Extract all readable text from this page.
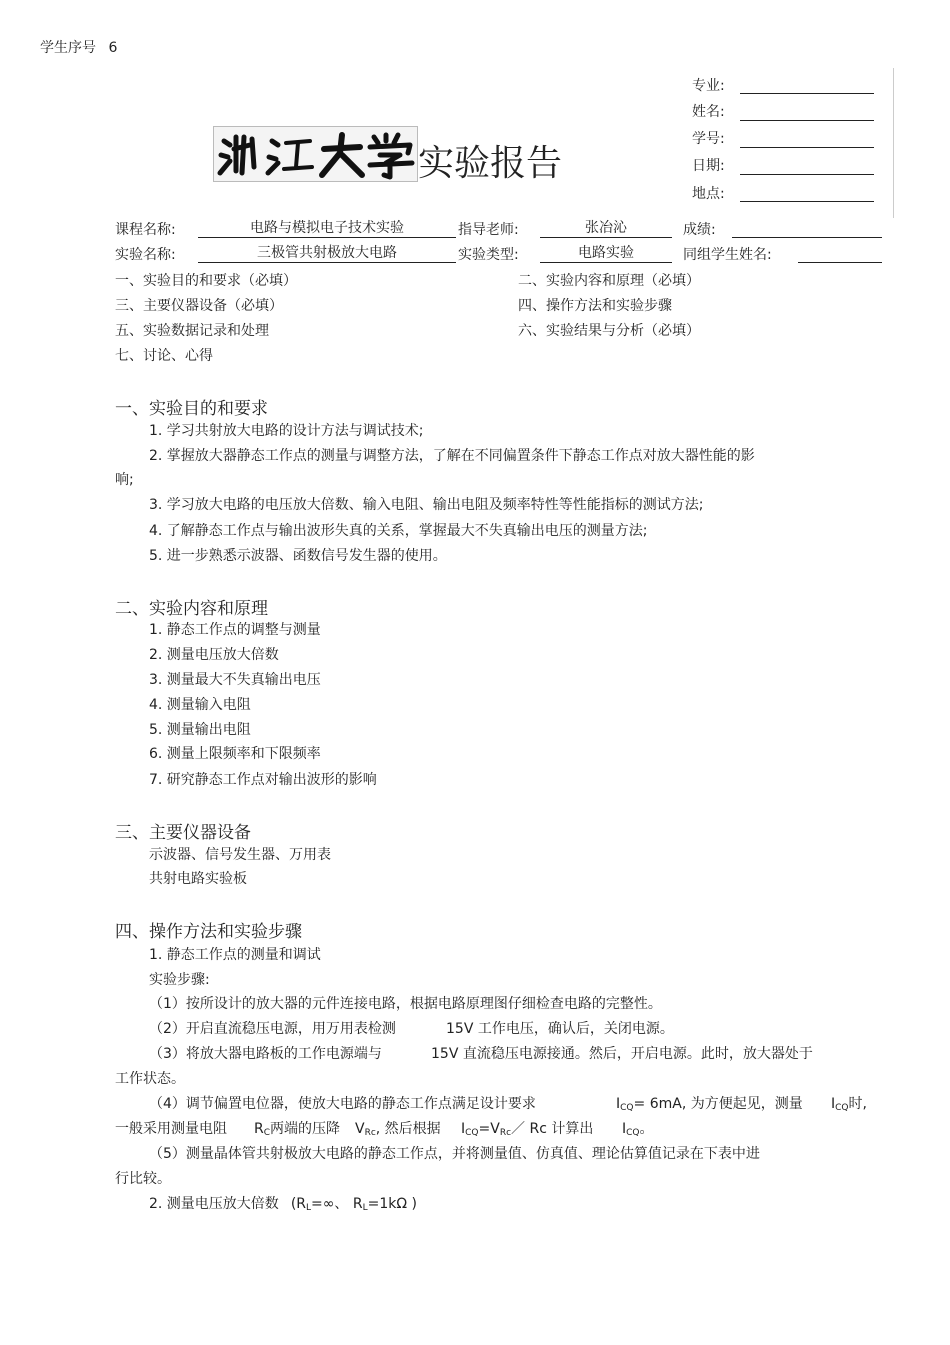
学生序号 6
专业:
姓名:
学号:
日期:
地点:
实验报告
课程名称:	电路与模拟电子技术实验	指导老师:	张冶沁	成绩:
实验名称:	三极管共射极放大电路	实验类型:	电路实验	同组学生姓名:
一、实验目的和要求（必填）	二、实验内容和原理（必填）
三、主要仪器设备（必填）	四、操作方法和实验步骤
五、实验数据记录和处理	六、实验结果与分析（必填）
七、讨论、心得
一、实验目的和要求
1. 学习共射放大电路的设计方法与调试技术;
2. 掌握放大器静态工作点的测量与调整方法，了解在不同偏置条件下静态工作点对放大器性能的影
响;
3. 学习放大电路的电压放大倍数、输入电阻、输出电阻及频率特性等性能指标的测试方法;
4. 了解静态工作点与输出波形失真的关系，掌握最大不失真输出电压的测量方法;
5. 进一步熟悉示波器、函数信号发生器的使用。
二、实验内容和原理
1. 静态工作点的调整与测量
2. 测量电压放大倍数
3. 测量最大不失真输出电压
4. 测量输入电阻
5. 测量输出电阻
6. 测量上限频率和下限频率
7. 研究静态工作点对输出波形的影响
三、主要仪器设备
示波器、信号发生器、万用表
共射电路实验板
四、操作方法和实验步骤
1. 静态工作点的测量和调试
实验步骤:
（1）按所设计的放大器的元件连接电路，根据电路原理图仔细检查电路的完整性。
（2）开启直流稳压电源，用万用表检测	15V 工作电压，确认后，关闭电源。
（3）将放大器电路板的工作电源端与	15V 直流稳压电源接通。然后，开启电源。此时，放大器处于
工作状态。
（4）调节偏置电位器，使放大电路的静态工作点满足设计要求	$I_{CQ}= 6mA$, 为方便起见，测量 $I_{CQ}$时,
一般采用测量电阻 $R_C$两端的压降 $V_{Rc}$, 然后根据 $I_{CQ}=V_{Rc}/$ Rc 计算出 $I_{CQ}$。
（5）测量晶体管共射极放大电路的静态工作点，并将测量值、仿真值、理论估算值记录在下表中进
行比较。
2. 测量电压放大倍数 ($R_L=\infty$、 $R_L=1k\Omega$ )
